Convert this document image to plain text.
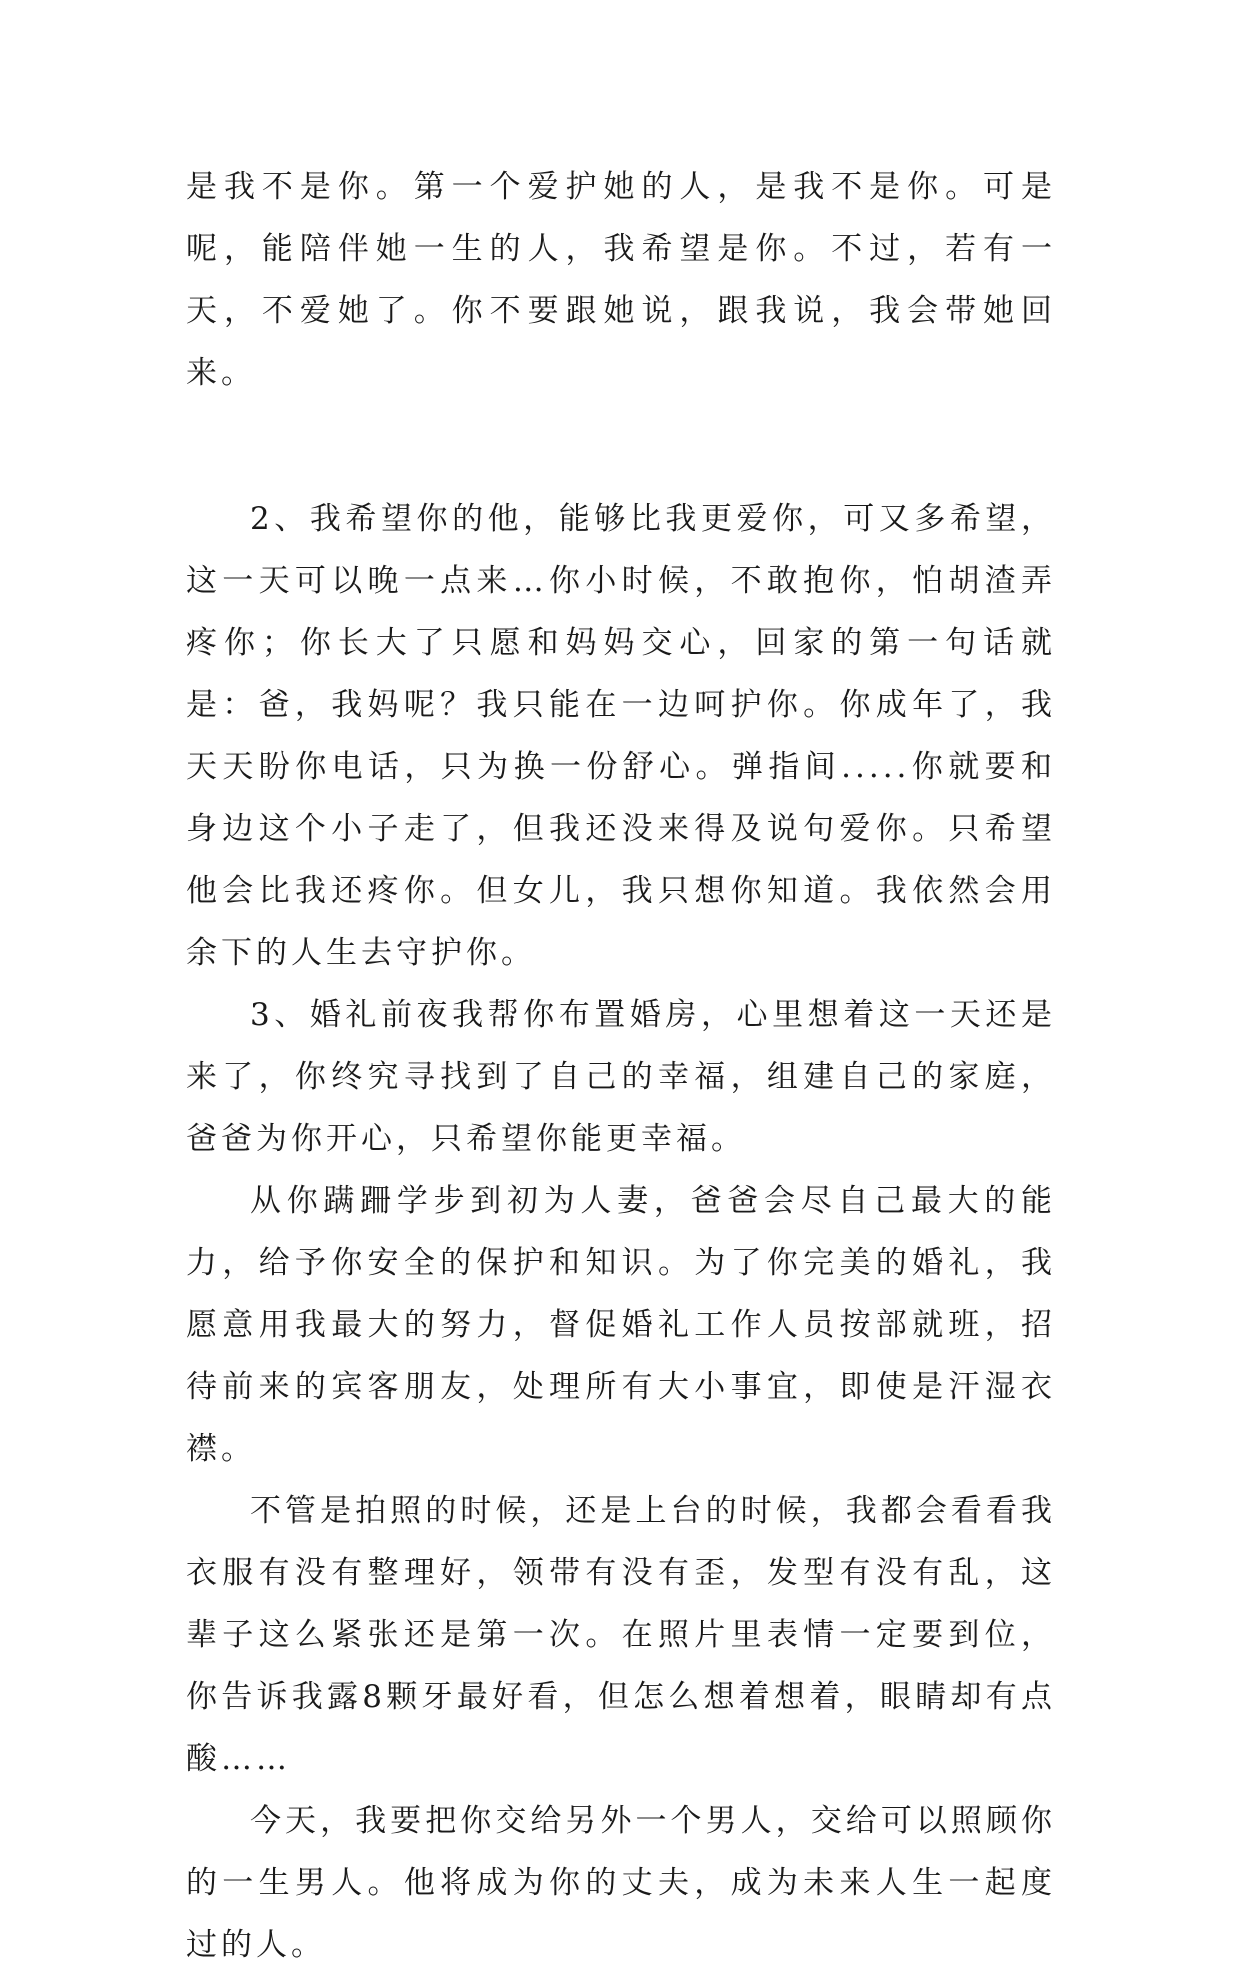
是我不是你。第一个爱护她的人，是我不是你。可是呢，能陪伴她一生的人，我希望是你。不过，若有一天，不爱她了。你不要跟她说，跟我说，我会带她回来。

2、我希望你的他，能够比我更爱你，可又多希望，这一天可以晚一点来…你小时候，不敢抱你，怕胡渣弄疼你；你长大了只愿和妈妈交心，回家的第一句话就是：爸，我妈呢？我只能在一边呵护你。你成年了，我天天盼你电话，只为换一份舒心。弹指间.....你就要和身边这个小子走了，但我还没来得及说句爱你。只希望他会比我还疼你。但女儿，我只想你知道。我依然会用余下的人生去守护你。

3、婚礼前夜我帮你布置婚房，心里想着这一天还是来了，你终究寻找到了自己的幸福，组建自己的家庭，爸爸为你开心，只希望你能更幸福。

从你蹒跚学步到初为人妻，爸爸会尽自己最大的能力，给予你安全的保护和知识。为了你完美的婚礼，我愿意用我最大的努力，督促婚礼工作人员按部就班，招待前来的宾客朋友，处理所有大小事宜，即使是汗湿衣襟。

不管是拍照的时候，还是上台的时候，我都会看看我衣服有没有整理好，领带有没有歪，发型有没有乱，这辈子这么紧张还是第一次。在照片里表情一定要到位，你告诉我露8颗牙最好看，但怎么想着想着，眼睛却有点酸……

今天，我要把你交给另外一个男人，交给可以照顾你的一生男人。他将成为你的丈夫，成为未来人生一起度过的人。
